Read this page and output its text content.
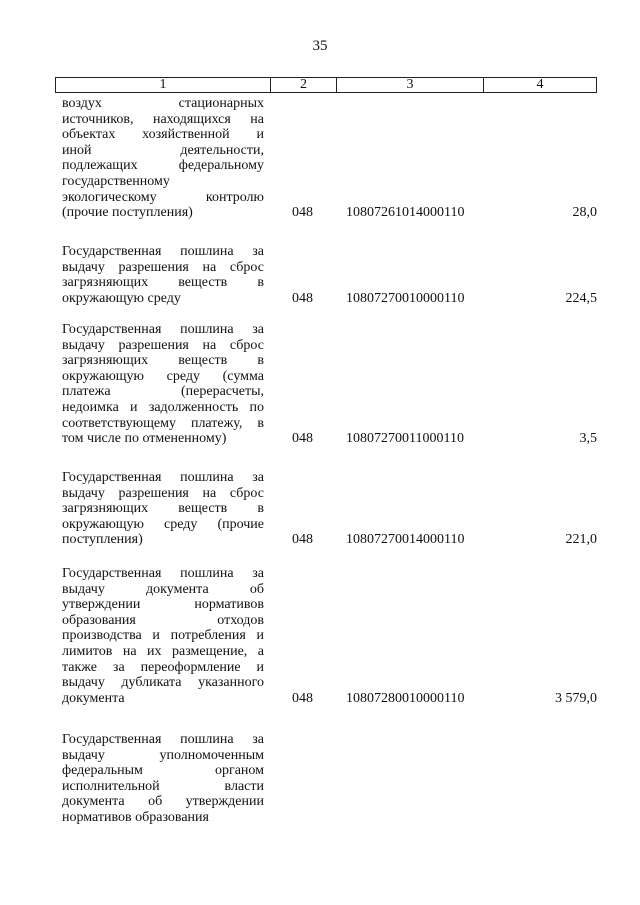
35
1	2	3	4
воздух стационарных
источников, находящихся на
объектах хозяйственной и
иной деятельности,
подлежащих федеральному
государственному
экологическому контролю
(прочие поступления)	048	10807261014000110	28,0
Государственная пошлина за
выдачу разрешения на сброс
загрязняющих веществ в
окружающую среду	048	10807270010000110	224,5
Государственная пошлина за
выдачу разрешения на сброс
загрязняющих веществ в
окружающую среду (сумма
платежа (перерасчеты,
недоимка и задолженность по
соответствующему платежу, в
том числе по отмененному)	048	10807270011000110	3,5
Государственная пошлина за
выдачу разрешения на сброс
загрязняющих веществ в
окружающую среду (прочие
поступления)	048	10807270014000110	221,0
Государственная пошлина за
выдачу документа об
утверждении нормативов
образования отходов
производства и потребления и
лимитов на их размещение, а
также за переоформление и
выдачу дубликата указанного
документа	048	10807280010000110	3 579,0
Государственная пошлина за
выдачу уполномоченным
федеральным органом
исполнительной власти
документа об утверждении
нормативов образования
